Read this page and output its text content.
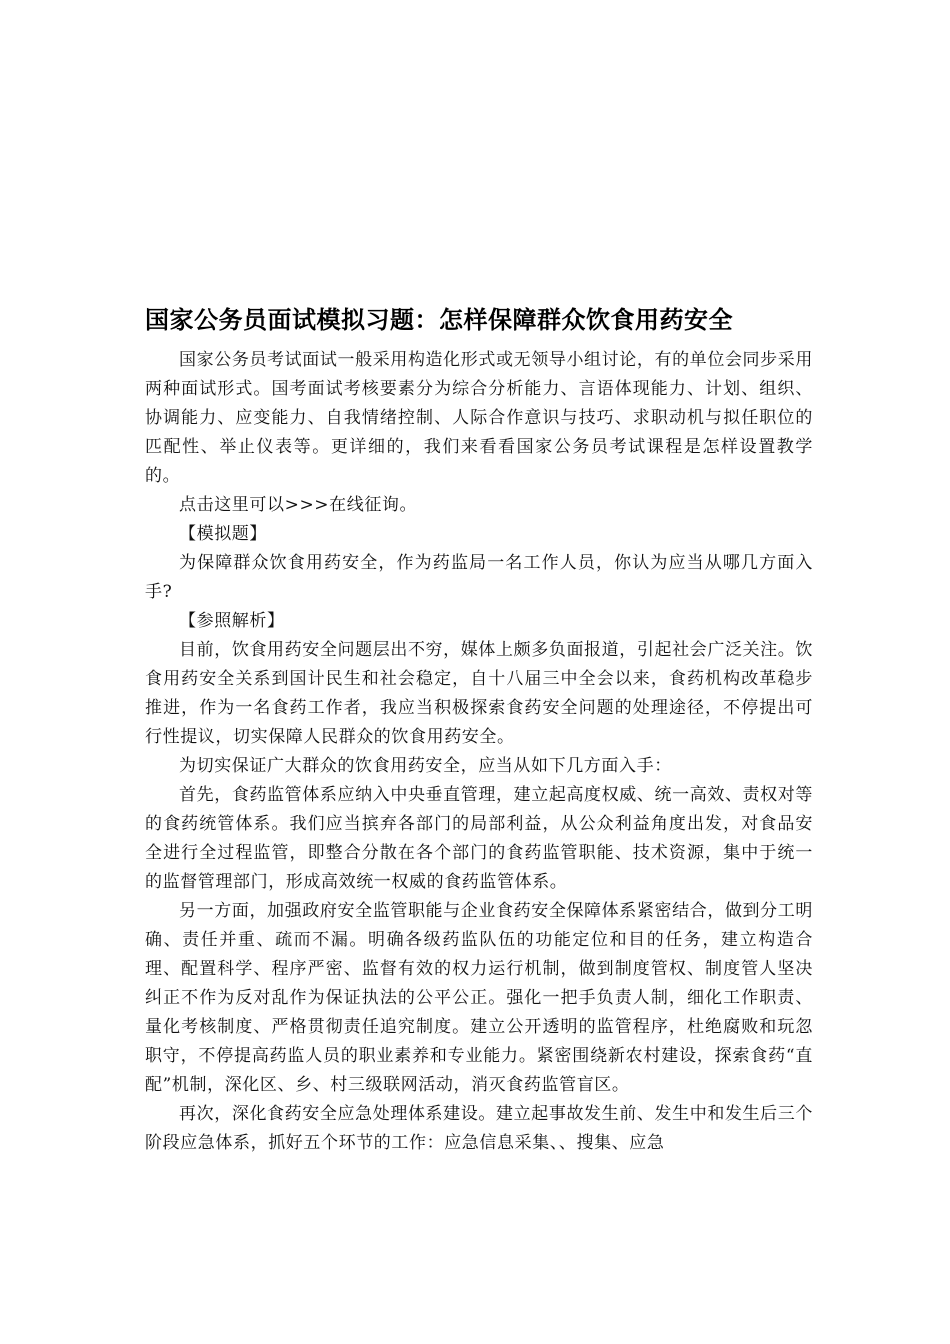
国家公务员面试模拟习题：怎样保障群众饮食用药安全

国家公务员考试面试一般采用构造化形式或无领导小组讨论，有的单位会同步采用两种面试形式。国考面试考核要素分为综合分析能力、言语体现能力、计划、组织、协调能力、应变能力、自我情绪控制、人际合作意识与技巧、求职动机与拟任职位的匹配性、举止仪表等。更详细的，我们来看看国家公务员考试课程是怎样设置教学的。

点击这里可以>>>在线征询。

【模拟题】

为保障群众饮食用药安全，作为药监局一名工作人员，你认为应当从哪几方面入手?

【参照解析】

目前，饮食用药安全问题层出不穷，媒体上颇多负面报道，引起社会广泛关注。饮食用药安全关系到国计民生和社会稳定，自十八届三中全会以来，食药机构改革稳步推进，作为一名食药工作者，我应当积极探索食药安全问题的处理途径，不停提出可行性提议，切实保障人民群众的饮食用药安全。

为切实保证广大群众的饮食用药安全，应当从如下几方面入手：

首先，食药监管体系应纳入中央垂直管理，建立起高度权威、统一高效、责权对等的食药统管体系。我们应当摈弃各部门的局部利益，从公众利益角度出发，对食品安全进行全过程监管，即整合分散在各个部门的食药监管职能、技术资源，集中于统一的监督管理部门，形成高效统一权威的食药监管体系。

另一方面，加强政府安全监管职能与企业食药安全保障体系紧密结合，做到分工明确、责任并重、疏而不漏。明确各级药监队伍的功能定位和目的任务，建立构造合理、配置科学、程序严密、监督有效的权力运行机制，做到制度管权、制度管人坚决纠正不作为反对乱作为保证执法的公平公正。强化一把手负责人制，细化工作职责、量化考核制度、严格贯彻责任追究制度。建立公开透明的监管程序，杜绝腐败和玩忽职守，不停提高药监人员的职业素养和专业能力。紧密围绕新农村建设，探索食药“直配”机制，深化区、乡、村三级联网活动，消灭食药监管盲区。

再次，深化食药安全应急处理体系建设。建立起事故发生前、发生中和发生后三个阶段应急体系，抓好五个环节的工作：应急信息采集、、搜集、应急
